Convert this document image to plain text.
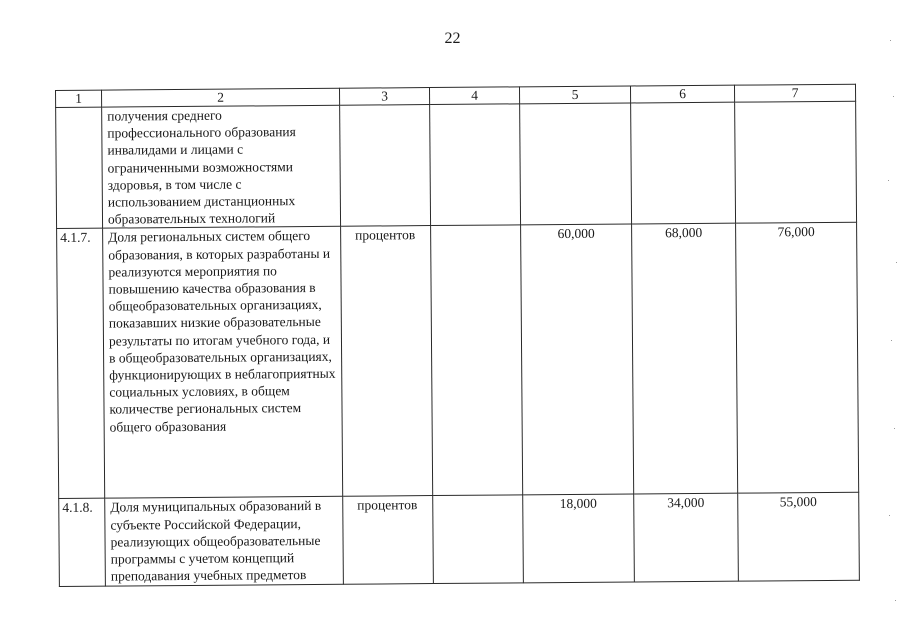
22
1	2	3	4	5	6	7
	получения среднего профессионального образования инвалидами и лицами с ограниченными возможностями здоровья, в том числе с использованием дистанционных образовательных технологий					
4.1.7.	Доля региональных систем общего образования, в которых разработаны и реализуются мероприятия по повышению качества образования в общеобразовательных организациях, показавших низкие образовательные результаты по итогам учебного года, и в общеобразовательных организациях, функционирующих в неблагоприятных социальных условиях, в общем количестве региональных систем общего образования	процентов		60,000	68,000	76,000
4.1.8.	Доля муниципальных образований в субъекте Российской Федерации, реализующих общеобразовательные программы с учетом концепций преподавания учебных предметов	процентов		18,000	34,000	55,000
